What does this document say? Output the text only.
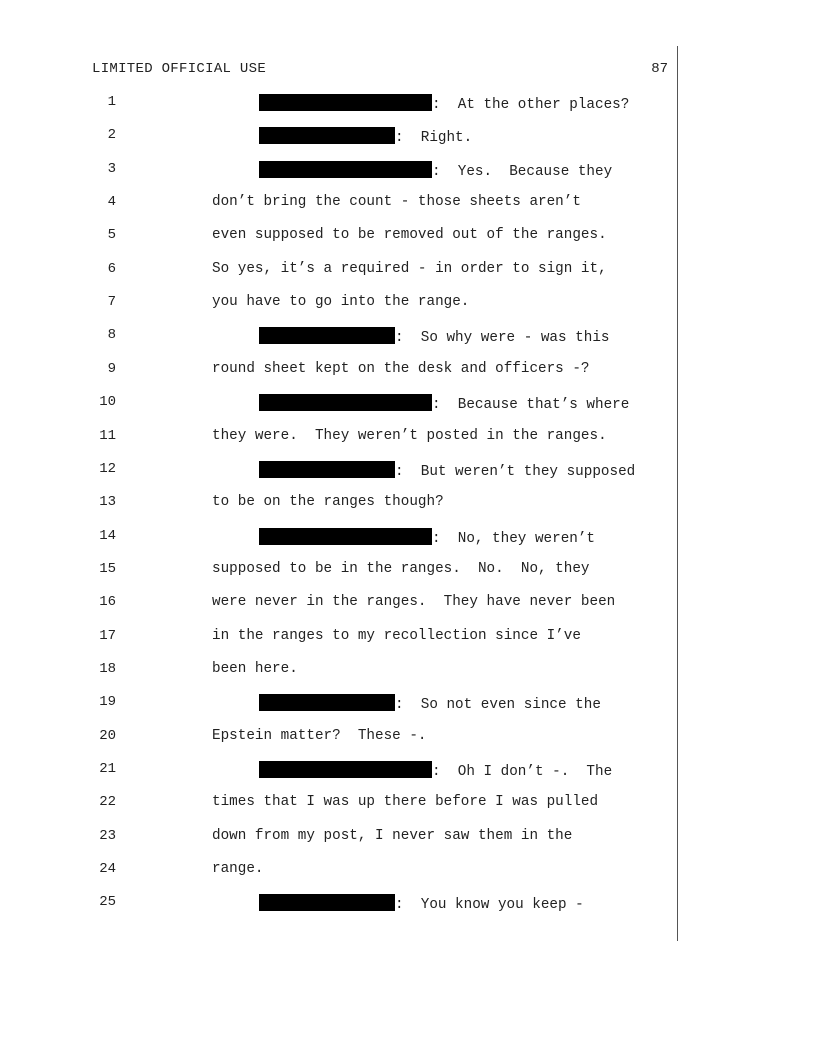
LIMITED OFFICIAL USE	87
1	:  At the other places?
2	:  Right.
3	:  Yes.  Because they
4	don’t bring the count - those sheets aren’t
5	even supposed to be removed out of the ranges.
6	So yes, it’s a required - in order to sign it,
7	you have to go into the range.
8	:  So why were - was this
9	round sheet kept on the desk and officers -?
10	:  Because that’s where
11	they were.  They weren’t posted in the ranges.
12	:  But weren’t they supposed
13	to be on the ranges though?
14	:  No, they weren’t
15	supposed to be in the ranges.  No.  No, they
16	were never in the ranges.  They have never been
17	in the ranges to my recollection since I’ve
18	been here.
19	:  So not even since the
20	Epstein matter?  These -.
21	:  Oh I don’t -.  The
22	times that I was up there before I was pulled
23	down from my post, I never saw them in the
24	range.
25	:  You know you keep -
